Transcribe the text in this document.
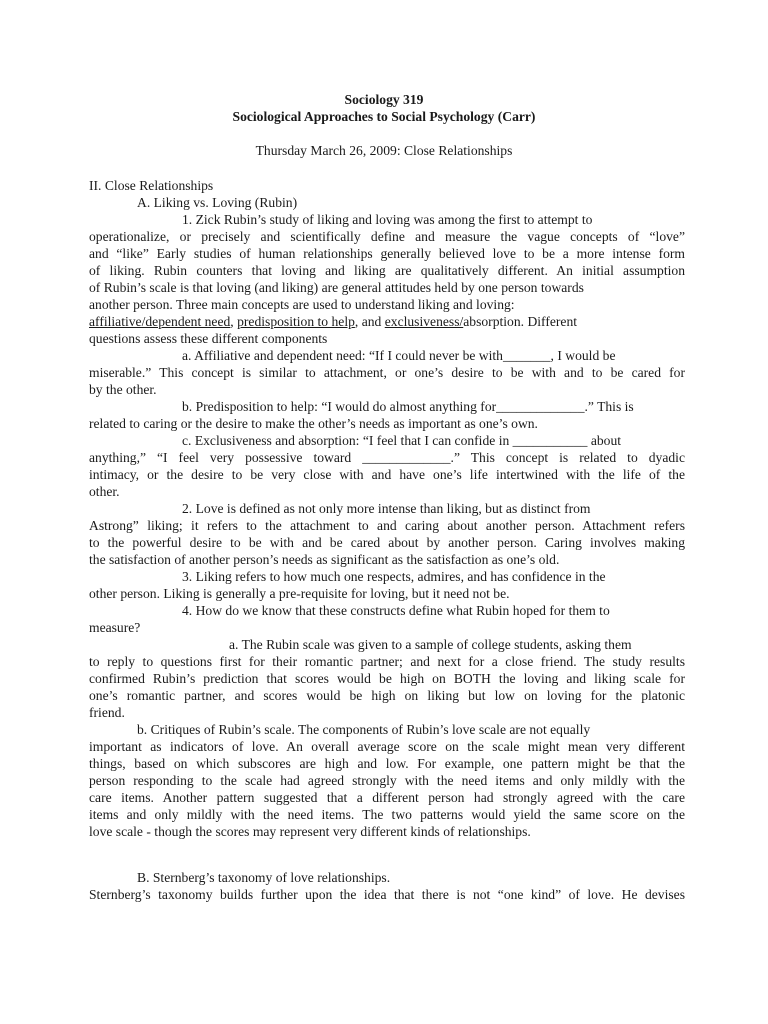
Sociology 319
Sociological Approaches to Social Psychology (Carr)
Thursday March 26, 2009: Close Relationships
II. Close Relationships
A. Liking vs. Loving (Rubin)
1. Zick Rubin’s study of liking and loving was among the first to attempt to
operationalize, or precisely and scientifically define and measure the vague concepts of “love”
and “like” Early studies of human relationships generally believed love to be a more intense form
of liking. Rubin counters that loving and liking are qualitatively different. An initial assumption
of Rubin’s scale is that loving (and liking) are general attitudes held by one person towards
another person. Three main concepts are used to understand liking and loving:
affiliative/dependent need, predisposition to help, and exclusiveness/absorption. Different
questions assess these different components
a. Affiliative and dependent need: “If I could never be with_______, I would be
miserable.” This concept is similar to attachment, or one’s desire to be with and to be cared for
by the other.
b. Predisposition to help: “I would do almost anything for_____________.” This is
related to caring or the desire to make the other’s needs as important as one’s own.
c. Exclusiveness and absorption: “I feel that I can confide in ___________ about
anything,” “I feel very possessive toward _____________.” This concept is related to dyadic
intimacy, or the desire to be very close with and have one’s life intertwined with the life of the
other.
2. Love is defined as not only more intense than liking, but as distinct from
Astrong” liking; it refers to the attachment to and caring about another person. Attachment refers
to the powerful desire to be with and be cared about by another person. Caring involves making
the satisfaction of another person’s needs as significant as the satisfaction as one’s old.
3. Liking refers to how much one respects, admires, and has confidence in the
other person. Liking is generally a pre-requisite for loving, but it need not be.
4. How do we know that these constructs define what Rubin hoped for them to
measure?
a. The Rubin scale was given to a sample of college students, asking them
to reply to questions first for their romantic partner; and next for a close friend. The study results
confirmed Rubin’s prediction that scores would be high on BOTH the loving and liking scale for
one’s romantic partner, and scores would be high on liking but low on loving for the platonic
friend.
b. Critiques of Rubin’s scale. The components of Rubin’s love scale are not equally
important as indicators of love. An overall average score on the scale might mean very different
things, based on which subscores are high and low. For example, one pattern might be that the
person responding to the scale had agreed strongly with the need items and only mildly with the
care items. Another pattern suggested that a different person had strongly agreed with the care
items and only mildly with the need items. The two patterns would yield the same score on the
love scale - though the scores may represent very different kinds of relationships.
B. Sternberg’s taxonomy of love relationships.
Sternberg’s taxonomy builds further upon the idea that there is not “one kind” of love. He devises
